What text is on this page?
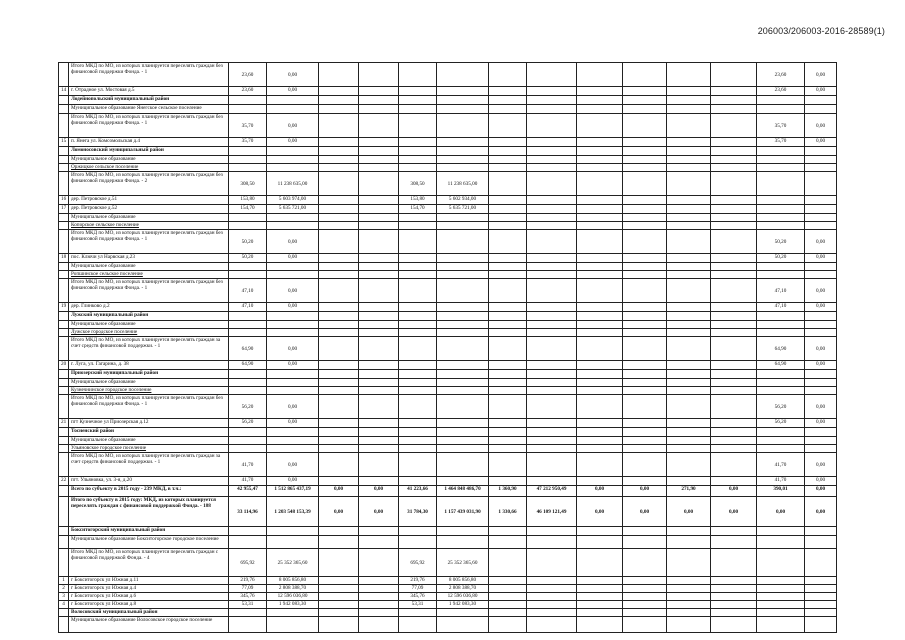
206003/206003-2016-28589(1)
	Итого МКД по МО, из которых планируется переселять граждан без финансовой поддержки Фонда. - 1	23,60	0,00											23,60	0,00
14	г. Отрадное ул. Мостовая д.5	23,60	0,00											23,60	0,00
	Лодейнопольский муниципальный район														
	Муниципальное образование Янегское сельское поселение														
	Итого МКД по МО, из которых планируется переселять граждан без финансовой поддержки Фонда. - 1	35,70	0,00											35,70	0,00
15	п. Янега ул. Комсомольская д.4	35,70	0,00											35,70	0,00
	Ломоносовский муниципальный район														
	Муниципальное образование														
	Оржицкое сельское поселение														
	Итого МКД по МО, из которых планируется переселять граждан без финансовой поддержки Фонда. - 2	308,50	11 238 635,00			308,50	11 238 635,00								
16	дер. Петровское д.51	153,80	5 603 974,00			153,80	5 602 934,00								
17	дер. Петровское д.52	154,70	5 635 721,00			154,70	5 635 721,00								
	Муниципальное образование														
	Копорское сельское поселение														
	Итого МКД по МО, из которых планируется переселять граждан без финансовой поддержки Фонда. - 1	50,20	0,00											50,20	0,00
18	пос. Ключи ул Нарвская д.23	50,20	0,00											50,20	0,00
	Муниципальное образование														
	Ропшинское сельское поселение														
	Итого МКД по МО, из которых планируется переселять граждан без финансовой поддержки Фонда. - 1	47,10	0,00											47,10	0,00
19	дер. Глинково д.2	47,10	0,00											47,10	0,00
	Лужский муниципальный район														
	Муниципальное образование														
	Лужское городское поселение														
	Итого МКД по МО, из которых планируется переселять граждан за счет средств финансовой поддержки. - 1	64,90	0,00											64,90	0,00
20	г. Луга, ул. Гагарина, д. 38	64,90	0,00											64,90	0,00
	Приозерский муниципальный район														
	Муниципальное образование														
	Кузнечнинское городское поселение														
	Итого МКД по МО, из которых планируется переселять граждан без финансовой поддержки Фонда. - 1	56,20	0,00											56,20	0,00
21	пгт Кузнечное ул Приозерская д.12	56,20	0,00											56,20	0,00
	Тосненский район														
	Муниципальное образование														
	Ульяновское городское поселение														
	Итого МКД по МО, из которых планируется переселять граждан за счет средств финансовой поддержки. - 1	41,70	0,00											41,70	0,00
22	пгт. Ульяновка, ул. 3-я, д.20	41,70	0,00											41,70	0,00
	Всего по субъекту в 2015 году - 239 МКД, в т.ч.:	42 955,47	1 512 865 437,19	0,00	0,00	41 223,66	1 464 848 486,70	1 360,90	47 212 950,49	0,00	0,00	271,90	0,00	390,01	0,00
	Итого по субъекту в 2015 году: МКД, из которых планируется переселять граждан с финансовой поддержкой Фонда. - 188	33 114,96	1 203 548 153,39	0,00	0,00	31 784,30	1 157 439 031,90	1 330,66	46 109 121,49	0,00	0,00	0,00	0,00	0,00	0,00
	Бокситогорский муниципальный район														
	Муниципальное образование Бокситогорское городское поселение														
	Итого МКД по МО, из которых планируется переселять граждан с финансовой поддержкой Фонда. - 4	695,92	25 352 365,60			695,92	25 352 365,60								
1	г Бокситогорск ул Южная д.11	219,76	8 005 856,80			219,76	8 005 856,80								
2	г Бокситогорск ул Южная д.4	77,09	2 808 388,70			77,09	2 808 388,70								
3	г Бокситогорск ул Южная д.6	345,76	12 596 036,80			345,76	12 596 036,80								
4	г Бокситогорск ул Южная д.8	53,31	1 942 083,30			53,31	1 942 083,30								
	Волосовский муниципальный район														
	Муниципальное образование Волосовское городское поселение														
